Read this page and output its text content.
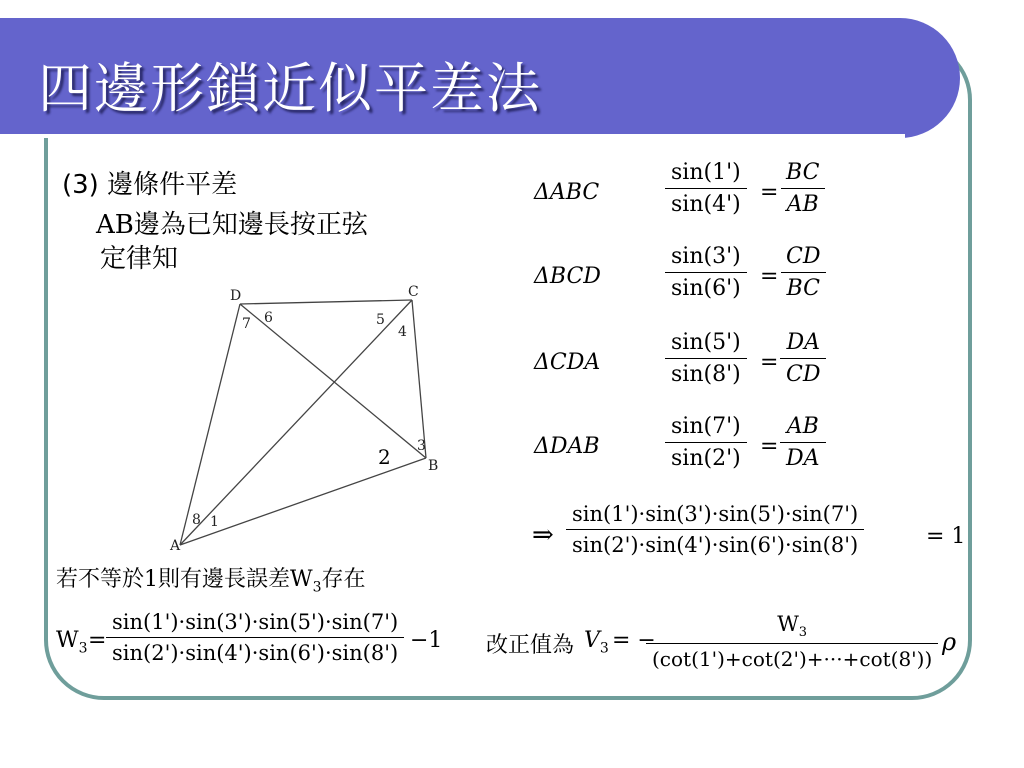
四邊形鎖近似平差法
(3) 邊條件平差
AB邊為已知邊長按正弦
定律知
A
B
C
D
1
3
4
5
6
7
8
2
ΔABC	$\frac{\sin(1')}{\sin(4')} = \frac{BC}{AB}$
ΔBCD	$\frac{\sin(3')}{\sin(6')} = \frac{CD}{BC}$
ΔCDA	$\frac{\sin(5')}{\sin(8')} = \frac{DA}{CD}$
ΔDAB	$\frac{\sin(7')}{\sin(2')} = \frac{AB}{DA}$
⇒ $\frac{\sin(1')\cdot\sin(3')\cdot\sin(5')\cdot\sin(7')}{\sin(2')\cdot\sin(4')\cdot\sin(6')\cdot\sin(8')}$	= 1
若不等於1則有邊長誤差$W_3$存在
$W_3 = \frac{\sin(1')\cdot\sin(3')\cdot\sin(5')\cdot\sin(7')}{\sin(2')\cdot\sin(4')\cdot\sin(6')\cdot\sin(8')} -1$ 改正值為 $V_3$ = −
$\frac{W_3}{(\cot(1')+\cot(2')+\cdot\cdot\cdot+\cot(8'))}$ ρ
